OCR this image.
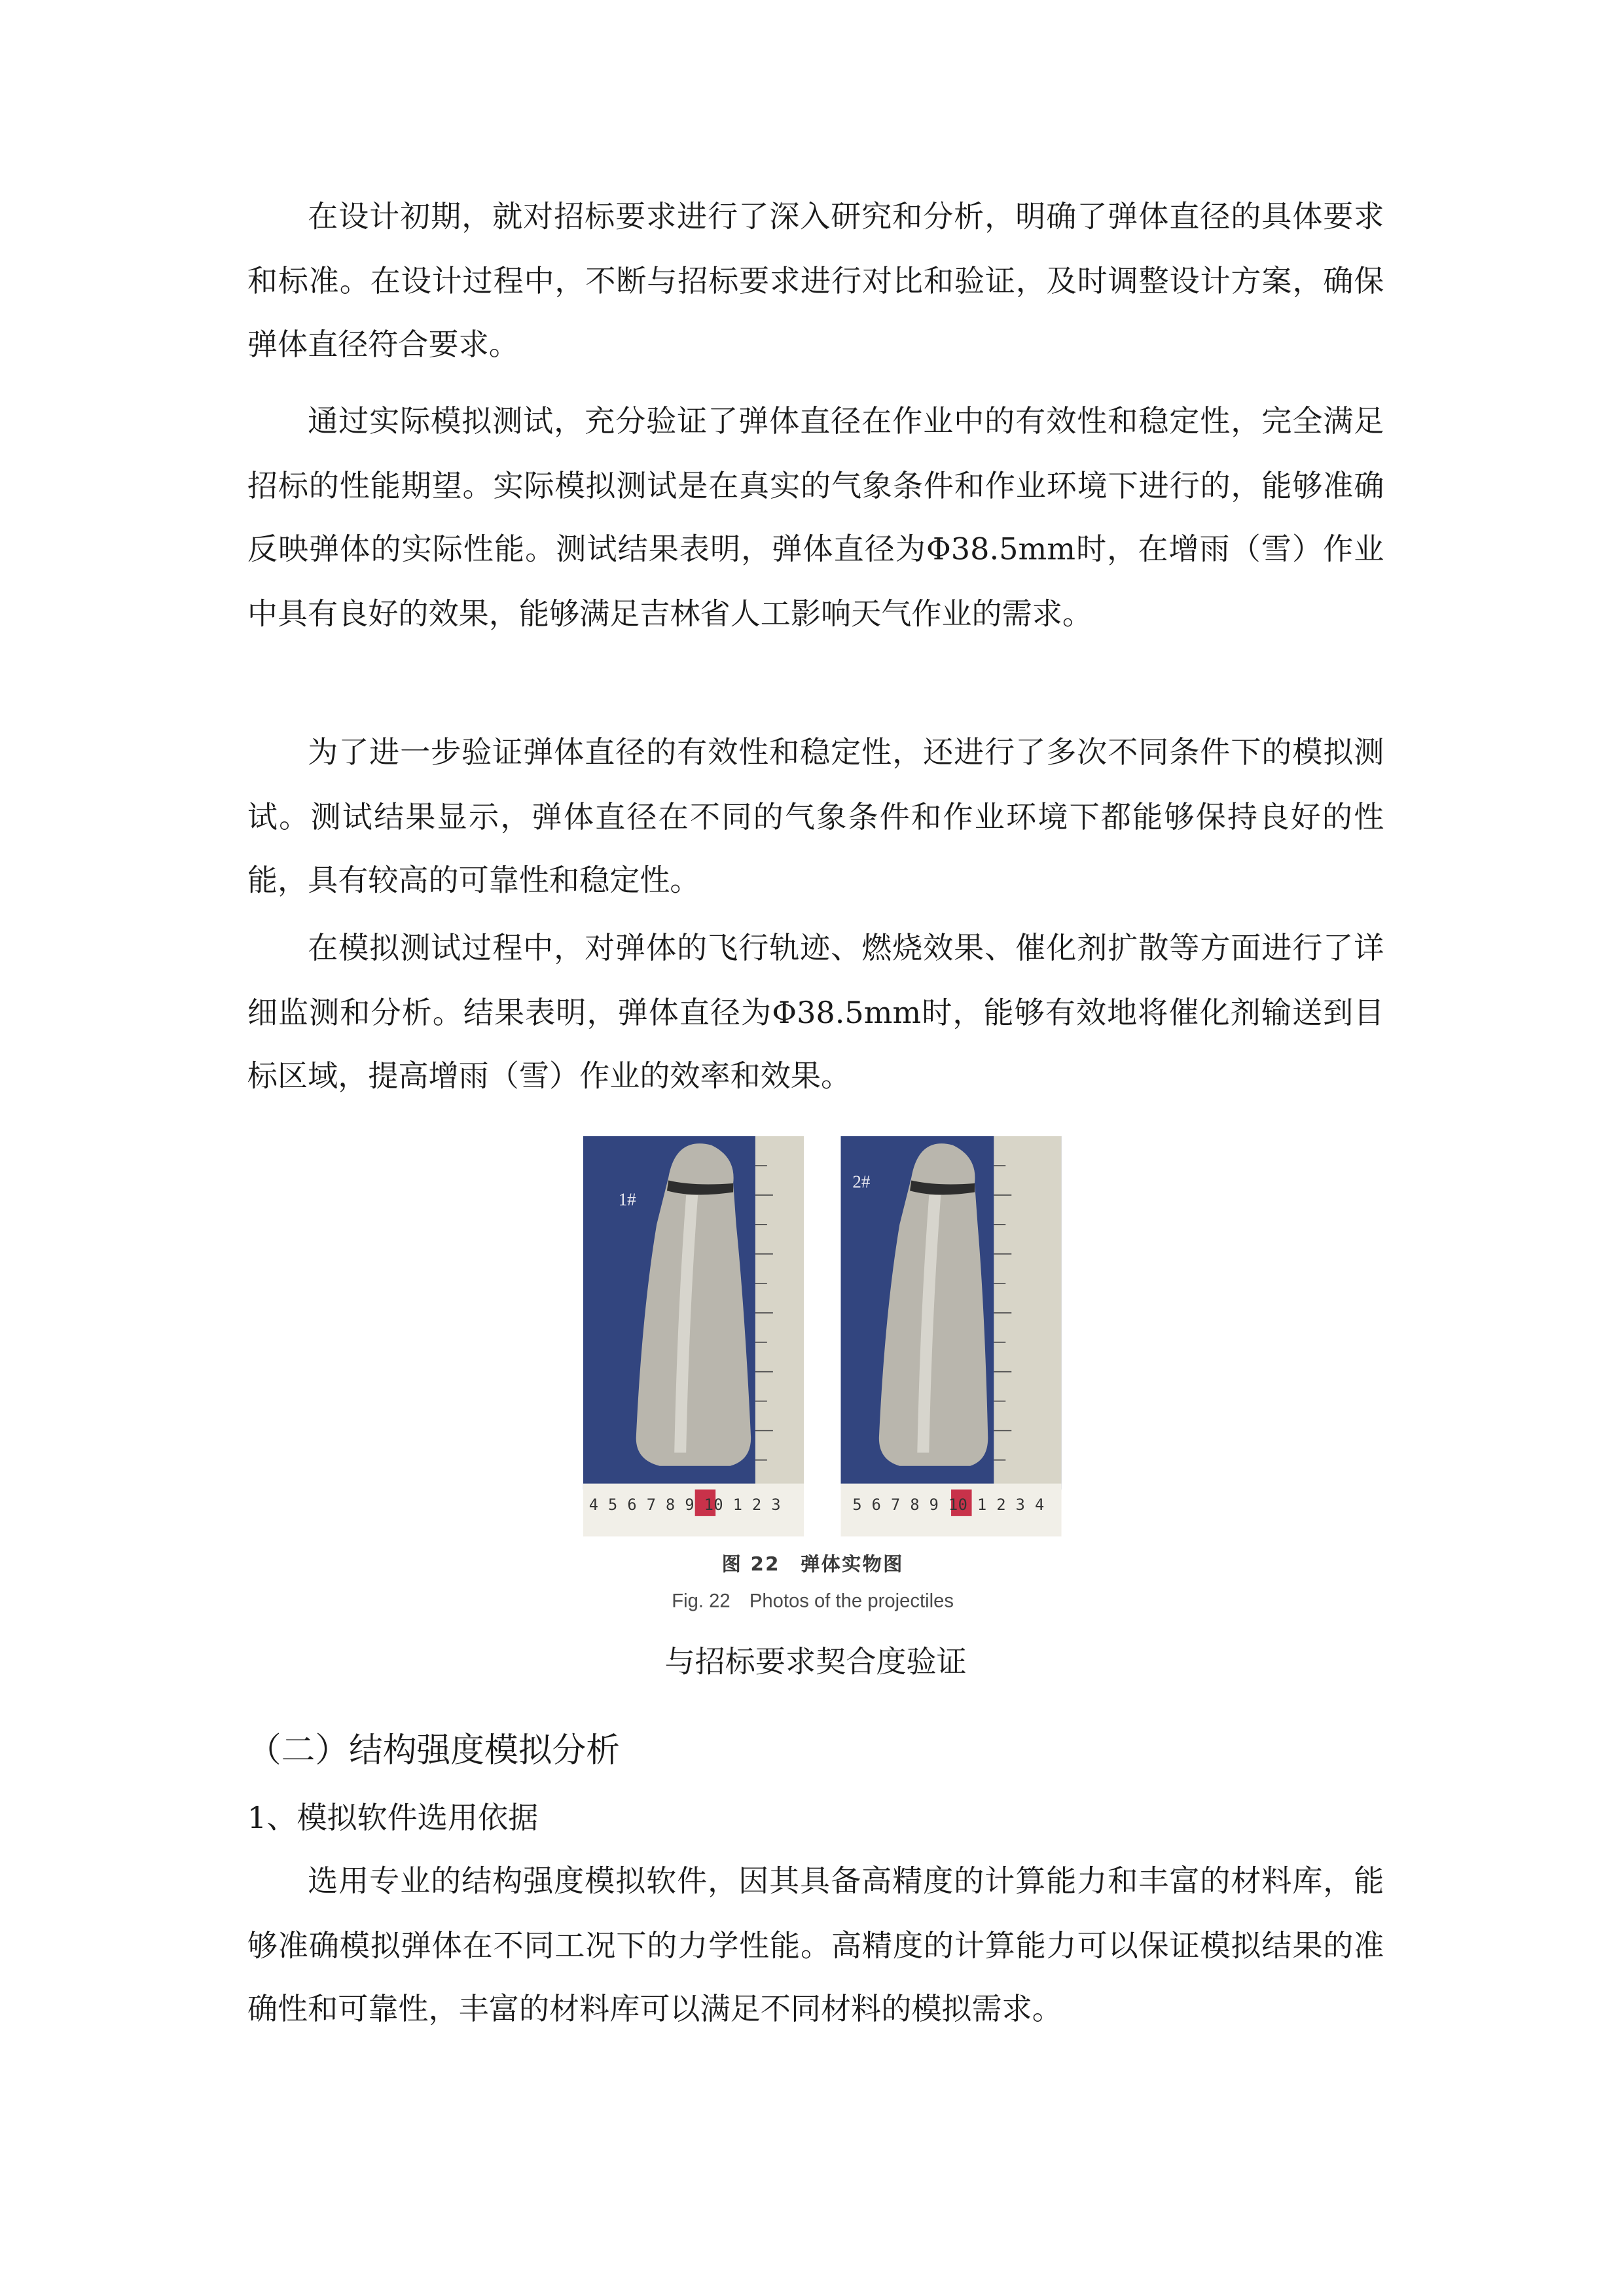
在设计初期，就对招标要求进行了深入研究和分析，明确了弹体直径的具体要求和标准。在设计过程中，不断与招标要求进行对比和验证，及时调整设计方案，确保弹体直径符合要求。

通过实际模拟测试，充分验证了弹体直径在作业中的有效性和稳定性，完全满足招标的性能期望。实际模拟测试是在真实的气象条件和作业环境下进行的，能够准确反映弹体的实际性能。测试结果表明，弹体直径为Φ38.5mm时，在增雨（雪）作业中具有良好的效果，能够满足吉林省人工影响天气作业的需求。

为了进一步验证弹体直径的有效性和稳定性，还进行了多次不同条件下的模拟测试。测试结果显示，弹体直径在不同的气象条件和作业环境下都能够保持良好的性能，具有较高的可靠性和稳定性。

在模拟测试过程中，对弹体的飞行轨迹、燃烧效果、催化剂扩散等方面进行了详细监测和分析。结果表明，弹体直径为Φ38.5mm时，能够有效地将催化剂输送到目标区域，提高增雨（雪）作业的效率和效果。

1#
4 5 6 7 8 9 10 1 2 3
2#
5 6 7 8 9 10 1 2 3 4
图 22　弹体实物图
Fig. 22　Photos of the projectiles
与招标要求契合度验证
（二）结构强度模拟分析
1、模拟软件选用依据

选用专业的结构强度模拟软件，因其具备高精度的计算能力和丰富的材料库，能够准确模拟弹体在不同工况下的力学性能。高精度的计算能力可以保证模拟结果的准确性和可靠性，丰富的材料库可以满足不同材料的模拟需求。
